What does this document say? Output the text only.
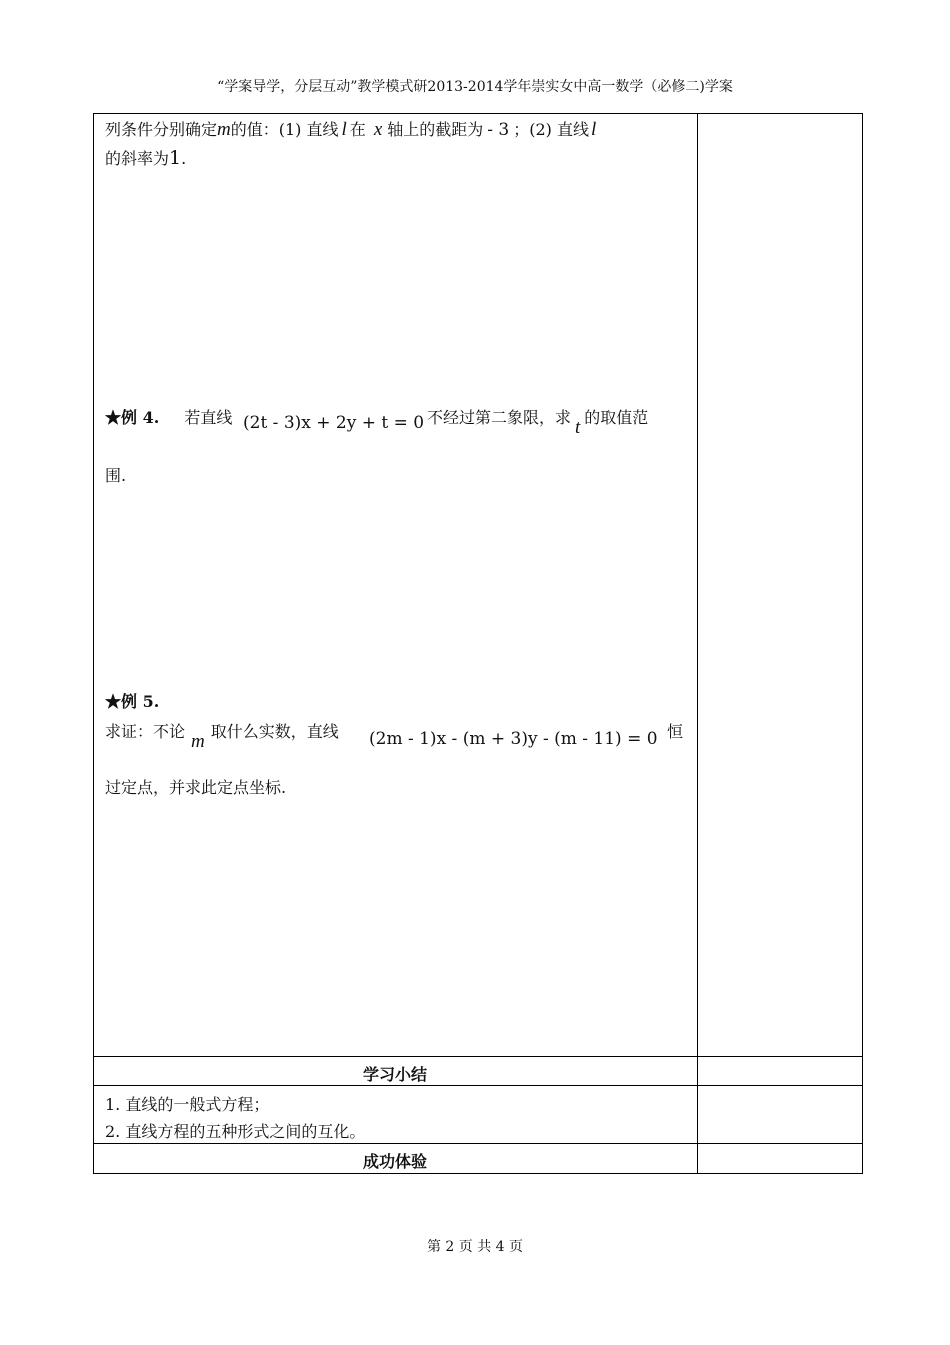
“学案导学，分层互动”教学模式研2013-2014学年崇实女中高一数学（必修二)学案
列条件分别确定m的值：(1) 直线 l 在 x 轴上的截距为 - 3 ；(2) 直线 l
的斜率为1.
★例 4. 若直线 (2t - 3)x + 2y + t = 0 不经过第二象限，求 t 的取值范
围.
★例 5.
求证：不论 m 取什么实数，直线 (2m - 1)x - (m + 3)y - (m - 11) = 0 恒
过定点，并求此定点坐标.
学习小结
1. 直线的一般式方程；
2. 直线方程的五种形式之间的互化。
成功体验
第 2 页 共 4 页
